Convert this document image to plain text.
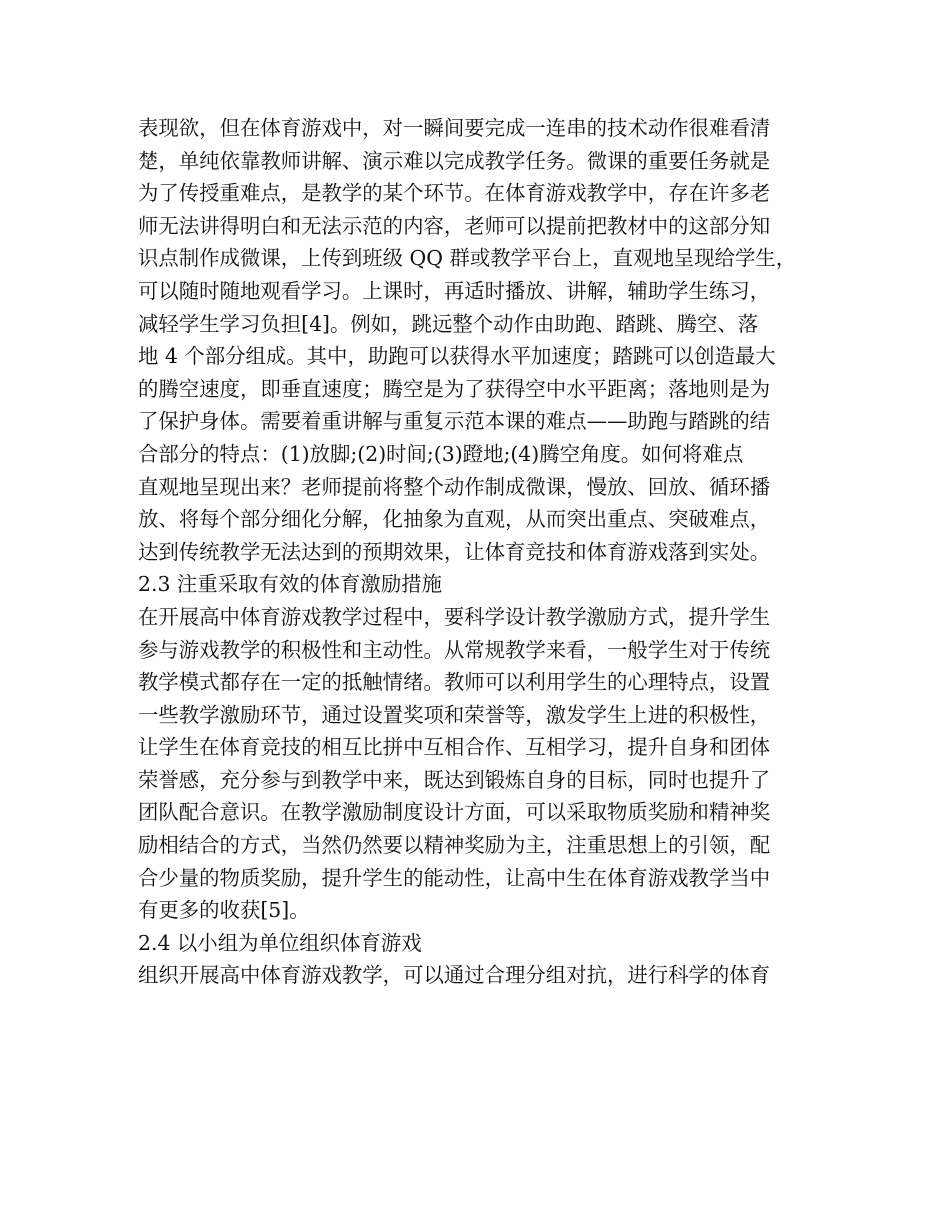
表现欲，但在体育游戏中，对一瞬间要完成一连串的技术动作很难看清
楚，单纯依靠教师讲解、演示难以完成教学任务。微课的重要任务就是
为了传授重难点，是教学的某个环节。在体育游戏教学中，存在许多老
师无法讲得明白和无法示范的内容，老师可以提前把教材中的这部分知
识点制作成微课，上传到班级 QQ 群或教学平台上，直观地呈现给学生，
可以随时随地观看学习。上课时，再适时播放、讲解，辅助学生练习，
减轻学生学习负担[4]。例如，跳远整个动作由助跑、踏跳、腾空、落
地 4 个部分组成。其中，助跑可以获得水平加速度；踏跳可以创造最大
的腾空速度，即垂直速度；腾空是为了获得空中水平距离；落地则是为
了保护身体。需要着重讲解与重复示范本课的难点——助跑与踏跳的结
合部分的特点：(1)放脚;(2)时间;(3)蹬地;(4)腾空角度。如何将难点
直观地呈现出来？老师提前将整个动作制成微课，慢放、回放、循环播
放、将每个部分细化分解，化抽象为直观，从而突出重点、突破难点，
达到传统教学无法达到的预期效果，让体育竞技和体育游戏落到实处。
2.3 注重采取有效的体育激励措施
在开展高中体育游戏教学过程中，要科学设计教学激励方式，提升学生
参与游戏教学的积极性和主动性。从常规教学来看，一般学生对于传统
教学模式都存在一定的抵触情绪。教师可以利用学生的心理特点，设置
一些教学激励环节，通过设置奖项和荣誉等，激发学生上进的积极性，
让学生在体育竞技的相互比拼中互相合作、互相学习，提升自身和团体
荣誉感，充分参与到教学中来，既达到锻炼自身的目标，同时也提升了
团队配合意识。在教学激励制度设计方面，可以采取物质奖励和精神奖
励相结合的方式，当然仍然要以精神奖励为主，注重思想上的引领，配
合少量的物质奖励，提升学生的能动性，让高中生在体育游戏教学当中
有更多的收获[5]。
2.4 以小组为单位组织体育游戏
组织开展高中体育游戏教学，可以通过合理分组对抗，进行科学的体育
